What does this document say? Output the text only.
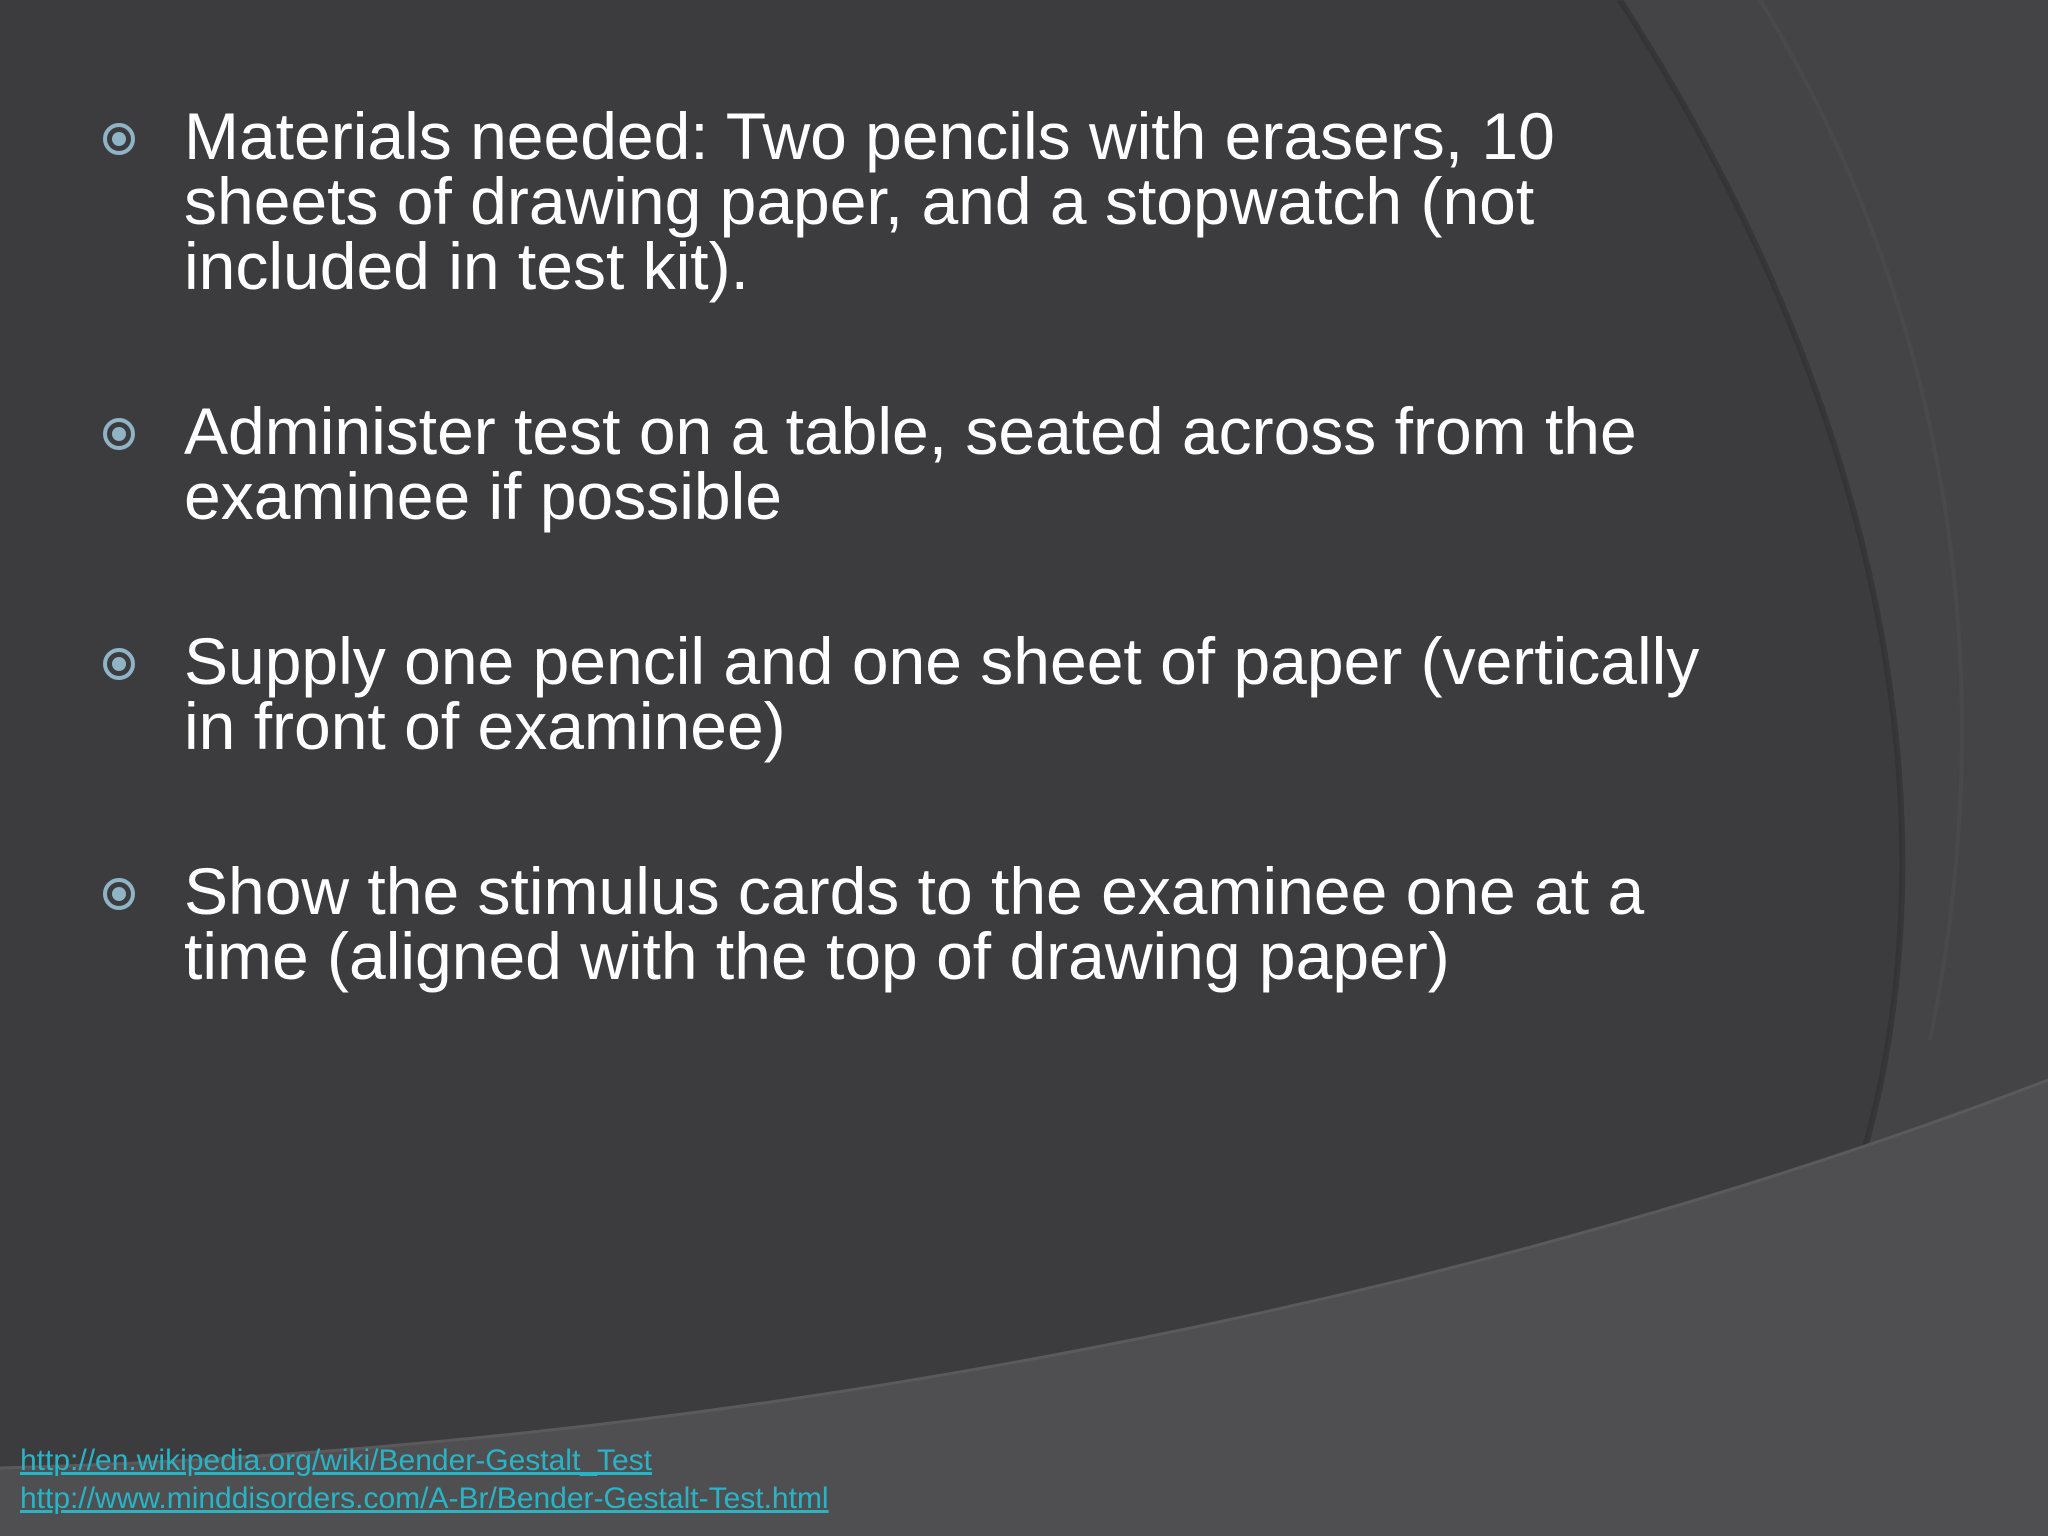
Materials needed: Two pencils with erasers, 10 sheets of drawing paper, and a stopwatch (not included in test kit).
Administer test on a table, seated across from the examinee if possible
Supply one pencil and one sheet of paper (vertically in front of examinee)
Show the stimulus cards to the examinee one at a time (aligned with the top of drawing paper)
http://en.wikipedia.org/wiki/Bender-Gestalt_Test
http://www.minddisorders.com/A-Br/Bender-Gestalt-Test.html
